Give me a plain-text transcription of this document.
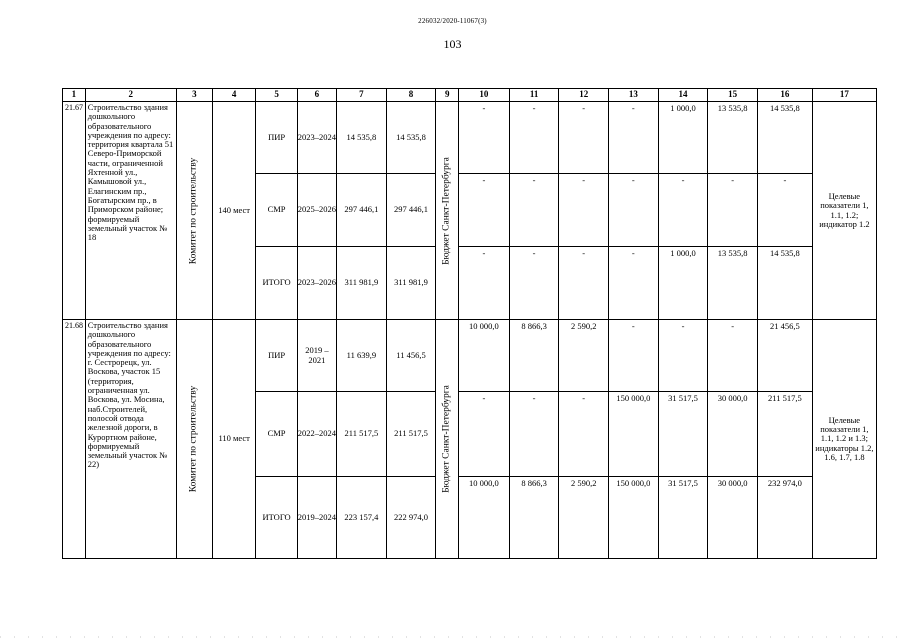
226032/2020-11067(3)
103
1	2	3	4	5	6	7	8	9	10	11	12	13	14	15	16	17
21.67	Строительство здания дошкольного образовательного учреждения по адресу: территория квартала 51 Северо-Приморской части, ограниченной Яхтенной ул., Камышовой ул., Елагинским пр., Богатырским пр., в Приморском районе; формируемый земельный участок № 18	Комитет по строительству	140 мест	ПИР	2023–2024	14 535,8	14 535,8	Бюджет Санкт-Петербурга	-	-	-	-	1 000,0	13 535,8	14 535,8	Целевые показатели 1, 1.1, 1.2; индикатор 1.2
				СМР	2025–2026	297 446,1	297 446,1		-	-	-	-	-	-	-	
				ИТОГО	2023–2026	311 981,9	311 981,9		-	-	-	-	1 000,0	13 535,8	14 535,8	
21.68	Строительство здания дошкольного образовательного учреждения по адресу: г. Сестрорецк, ул. Воскова, участок 15 (территория, ограниченная ул. Воскова, ул. Мосина, наб.Строителей, полосой отвода железной дороги, в Курортном районе, формируемый земельный участок № 22)	Комитет по строительству	110 мест	ПИР	2019 – 2021	11 639,9	11 456,5	Бюджет Санкт-Петербурга	10 000,0	8 866,3	2 590,2	-	-	-	21 456,5	Целевые показатели 1, 1.1, 1.2 и 1.3; индикаторы 1.2, 1.6, 1.7, 1.8
				СМР	2022–2024	211 517,5	211 517,5		-	-	-	150 000,0	31 517,5	30 000,0	211 517,5	
				ИТОГО	2019–2024	223 157,4	222 974,0		10 000,0	8 866,3	2 590,2	150 000,0	31 517,5	30 000,0	232 974,0	
